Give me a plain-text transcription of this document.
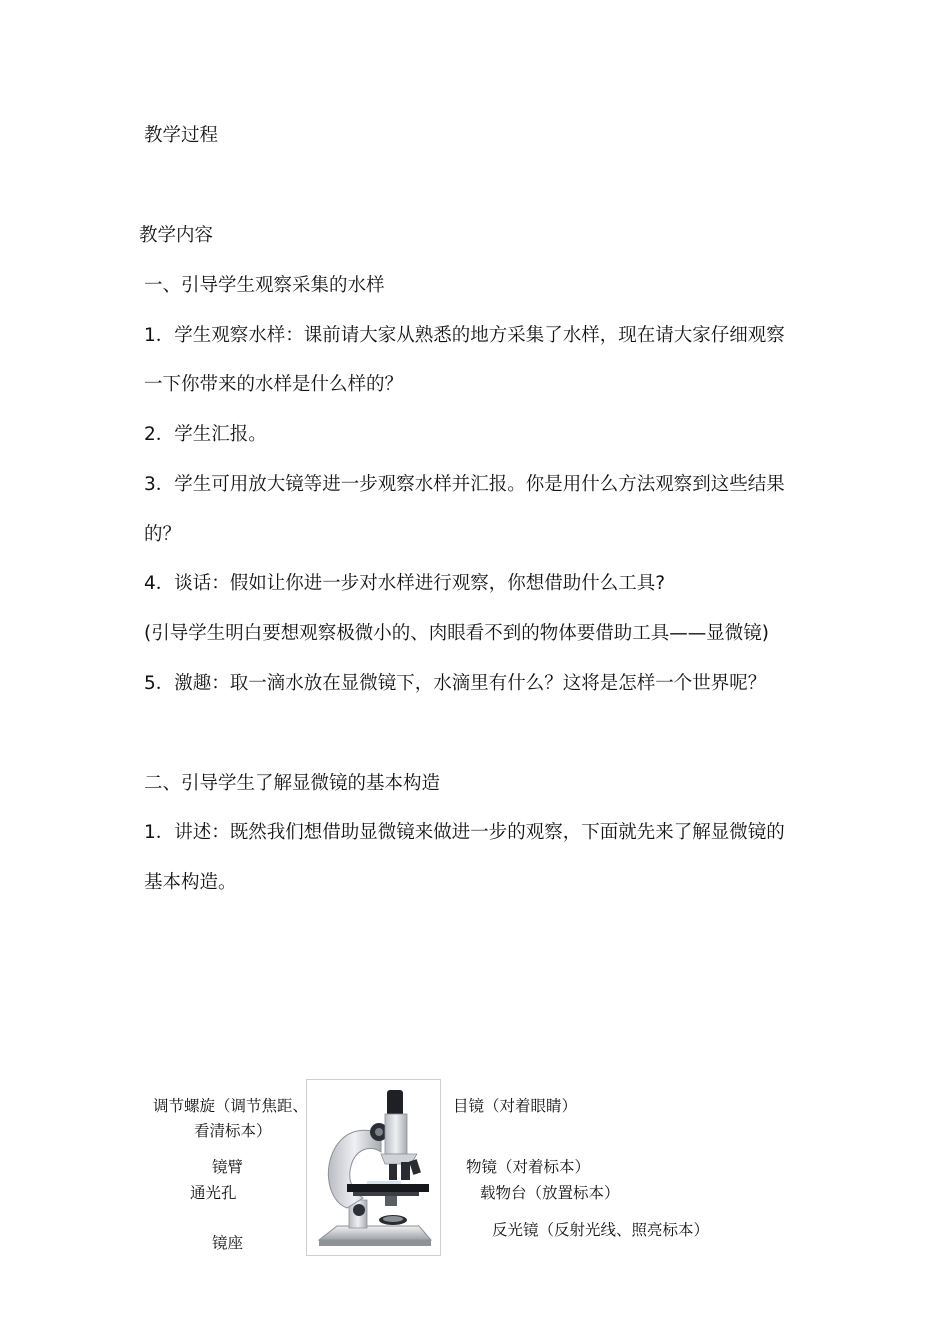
教学过程
教学内容
一、引导学生观察采集的水样
1．学生观察水样：课前请大家从熟悉的地方采集了水样，现在请大家仔细观察
一下你带来的水样是什么样的？
2．学生汇报。
3．学生可用放大镜等进一步观察水样并汇报。你是用什么方法观察到这些结果
的？
4．谈话：假如让你进一步对水样进行观察，你想借助什么工具?
(引导学生明白要想观察极微小的、肉眼看不到的物体要借助工具——显微镜)
5．激趣：取一滴水放在显微镜下，水滴里有什么？这将是怎样一个世界呢？
二、引导学生了解显微镜的基本构造
1．讲述：既然我们想借助显微镜来做进一步的观察，下面就先来了解显微镜的
基本构造。
调节螺旋（调节焦距、
看清标本）
镜臂
通光孔
镜座
目镜（对着眼睛）
物镜（对着标本）
载物台（放置标本）
反光镜（反射光线、照亮标本）
